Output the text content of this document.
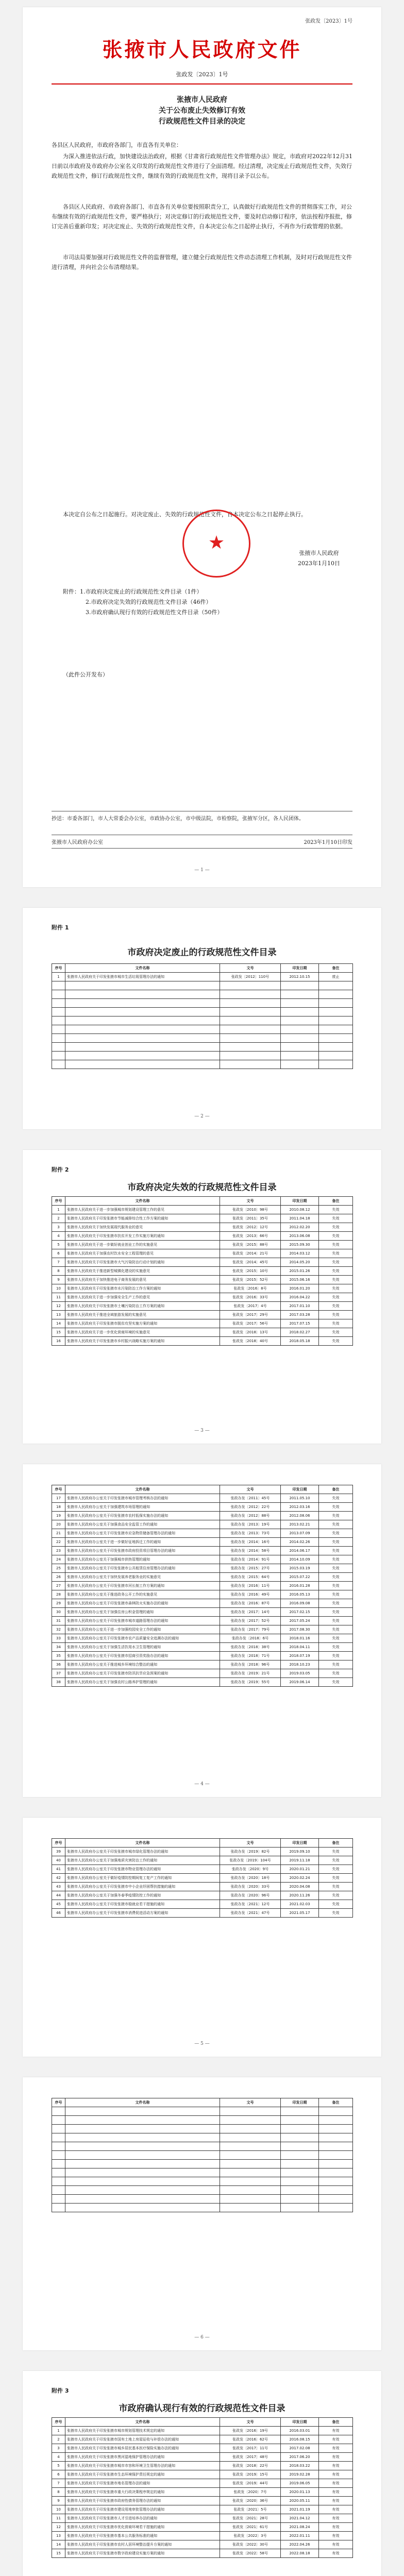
张政发〔2023〕1号
张掖市人民政府文件
张政发〔2023〕1号
张掖市人民政府
关于公布废止失效修订有效
行政规范性文件目录的决定
各县区人民政府，市政府各部门，市直各有关单位：
为深入推进依法行政，加快建设法治政府，根据《甘肃省行政规范性文件管理办法》规定，市政府对2022年12月31日前以市政府及市政府办公室名义印发的行政规范性文件进行了全面清理。经过清理，决定废止行政规范性文件，失效行政规范性文件，修订行政规范性文件，继续有效的行政规范性文件，现将目录予以公布。
各县区人民政府、市政府各部门、市直各有关单位要按照职责分工，认真做好行政规范性文件的贯彻落实工作，对公布继续有效的行政规范性文件，要严格执行；对决定修订的行政规范性文件，要及时启动修订程序，依法按程序报批，修订完善后重新印发；对决定废止、失效的行政规范性文件，自本决定公布之日起停止执行，不再作为行政管理的依据。
市司法局要加强对行政规范性文件的监督管理，建立健全行政规范性文件动态清理工作机制，及时对行政规范性文件进行清理，并向社会公布清理结果。
本决定自公布之日起施行。对决定废止、失效的行政规范性文件，自本决定公布之日起停止执行。
★	张掖市人民政府
2023年1月10日
附件：1.市政府决定废止的行政规范性文件目录（1件）
2.市政府决定失效的行政规范性文件目录（46件）
3.市政府确认现行有效的行政规范性文件目录（50件）
（此件公开发布）
抄送：市委各部门，市人大常委会办公室，市政协办公室，市中级法院，市检察院，张掖军分区，各人民团体。
张掖市人民政府办公室	2023年1月10日印发
— 1 —
附件 1
市政府决定废止的行政规范性文件目录
序号	文件名称	文号	印发日期	备注
1	张掖市人民政府关于印发张掖市城市生活垃圾管理办法的通知	张政发〔2012〕110号	2012.10.15	废止

— 2 —
附件 2
市政府决定失效的行政规范性文件目录
序号	文件名称	文号	印发日期	备注
1	张掖市人民政府关于进一步加强城市规划建设管理工作的意见	张政发〔2010〕98号	2010.08.12	失效
2	张掖市人民政府关于印发张掖市节能减排综合性工作方案的通知	张政发〔2011〕35号	2011.04.18	失效
3	张掖市人民政府关于加快发展现代服务业的意见	张政发〔2012〕12号	2012.02.20	失效
4	张掖市人民政府关于印发张掖市扶贫开发工作实施方案的通知	张政发〔2013〕66号	2013.06.08	失效
5	张掖市人民政府关于进一步做好就业创业工作的实施意见	张政发〔2015〕88号	2015.09.30	失效
6	张掖市人民政府关于加强农村饮水安全工程管理的意见	张政发〔2014〕21号	2014.03.12	失效
7	张掖市人民政府关于印发张掖市大气污染防治行动计划的通知	张政发〔2014〕45号	2014.05.20	失效
8	张掖市人民政府关于推进新型城镇化建设的实施意见	张政发〔2015〕10号	2015.01.26	失效
9	张掖市人民政府关于加快推进电子商务发展的意见	张政发〔2015〕52号	2015.06.16	失效
10	张掖市人民政府关于印发张掖市水污染防治工作方案的通知	张政发〔2016〕8号	2016.01.20	失效
11	张掖市人民政府关于进一步加强安全生产工作的意见	张政发〔2016〕33号	2016.04.22	失效
12	张掖市人民政府关于印发张掖市土壤污染防治工作方案的通知	张政发〔2017〕4号	2017.01.10	失效
13	张掖市人民政府关于推进全域旅游发展的实施意见	张政发〔2017〕29号	2017.03.28	失效
14	张掖市人民政府关于印发张掖市脱贫攻坚实施方案的通知	张政发〔2017〕56号	2017.07.15	失效
15	张掖市人民政府关于进一步优化营商环境的实施意见	张政发〔2018〕13号	2018.02.27	失效
16	张掖市人民政府关于印发张掖市乡村振兴战略实施方案的通知	张政发〔2018〕40号	2018.05.18	失效
— 3 —
序号	文件名称	文号	印发日期	备注
17	张掖市人民政府办公室关于印发张掖市城市管理考核办法的通知	张政办发〔2011〕45号	2011.05.10	失效
18	张掖市人民政府办公室关于加强建筑市场管理的通知	张政办发〔2012〕22号	2012.03.16	失效
19	张掖市人民政府办公室关于印发张掖市农村低保实施办法的通知	张政办发〔2012〕88号	2012.08.06	失效
20	张掖市人民政府办公室关于加强食品安全监管工作的通知	张政办发〔2013〕19号	2013.02.21	失效
21	张掖市人民政府办公室关于印发张掖市应急物资储备管理办法的通知	张政办发〔2013〕73号	2013.07.09	失效
22	张掖市人民政府办公室关于进一步做好征地拆迁工作的通知	张政办发〔2014〕16号	2014.02.26	失效
23	张掖市人民政府办公室关于印发张掖市政府投资项目管理办法的通知	张政办发〔2014〕58号	2014.06.17	失效
24	张掖市人民政府办公室关于加强城市供热管理的通知	张政办发〔2014〕91号	2014.10.09	失效
25	张掖市人民政府办公室关于印发张掖市公共租赁住房管理办法的通知	张政办发〔2015〕27号	2015.03.19	失效
26	张掖市人民政府办公室关于加快发展养老服务业的实施意见	张政办发〔2015〕64号	2015.07.22	失效
27	张掖市人民政府办公室关于印发张掖市河长制工作方案的通知	张政办发〔2016〕11号	2016.01.28	失效
28	张掖市人民政府办公室关于推进政务公开工作的实施意见	张政办发〔2016〕49号	2016.05.13	失效
29	张掖市人民政府办公室关于印发张掖市森林防火实施办法的通知	张政办发〔2016〕87号	2016.09.08	失效
30	张掖市人民政府办公室关于加强住房公积金管理的通知	张政办发〔2017〕14号	2017.02.15	失效
31	张掖市人民政府办公室关于印发张掖市城市道路管理办法的通知	张政办发〔2017〕52号	2017.05.24	失效
32	张掖市人民政府办公室关于进一步加强校园安全工作的通知	张政办发〔2017〕79号	2017.08.30	失效
33	张掖市人民政府办公室关于印发张掖市农产品质量安全追溯办法的通知	张政办发〔2018〕6号	2018.01.16	失效
34	张掖市人民政府办公室关于加强生活饮用水卫生管理的通知	张政办发〔2018〕38号	2018.04.11	失效
35	张掖市人民政府办公室关于印发张掖市招商引资奖励办法的通知	张政办发〔2018〕71号	2018.07.19	失效
36	张掖市人民政府办公室关于推进城乡环境综合整治的通知	张政办发〔2018〕96号	2018.10.23	失效
37	张掖市人民政府办公室关于印发张掖市防汛抗旱应急预案的通知	张政办发〔2019〕21号	2019.03.05	失效
38	张掖市人民政府办公室关于加强农村公路养护管理的通知	张政办发〔2019〕55号	2019.06.14	失效
— 4 —
序号	文件名称	文号	印发日期	备注
39	张掖市人民政府办公室关于印发张掖市城市绿化管理办法的通知	张政办发〔2019〕82号	2019.09.10	失效
40	张掖市人民政府办公室关于加强地质灾害防治工作的通知	张政办发〔2019〕104号	2019.11.18	失效
41	张掖市人民政府办公室关于印发张掖市物业管理办法的通知	张政办发〔2020〕9号	2020.01.21	失效
42	张掖市人民政府办公室关于做好疫情防控期间复工复产工作的通知	张政办发〔2020〕18号	2020.02.24	失效
43	张掖市人民政府办公室关于印发张掖市中小企业纾困帮扶措施的通知	张政办发〔2020〕33号	2020.04.08	失效
44	张掖市人民政府办公室关于加强冬春季疫情防控工作的通知	张政办发〔2020〕96号	2020.11.26	失效
45	张掖市人民政府办公室关于印发张掖市稳就业若干措施的通知	张政办发〔2021〕12号	2021.02.03	失效
46	张掖市人民政府办公室关于印发张掖市消费促进活动方案的通知	张政办发〔2021〕47号	2021.05.17	失效
— 5 —
序号	文件名称	文号	印发日期	备注

— 6 —
附件 3
市政府确认现行有效的行政规范性文件目录
序号	文件名称	文号	印发日期	备注
1	张掖市人民政府关于印发张掖市城市规划管理技术规定的通知	张政发〔2016〕19号	2016.03.01	有效
2	张掖市人民政府关于印发张掖市国有土地上房屋征收与补偿办法的通知	张政发〔2016〕62号	2016.08.15	有效
3	张掖市人民政府关于印发张掖市城乡居民基本医疗保险实施办法的通知	张政发〔2017〕11号	2017.02.08	有效
4	张掖市人民政府关于印发张掖市黑河湿地保护管理办法的通知	张政发〔2017〕48号	2017.06.20	有效
5	张掖市人民政府关于印发张掖市城市市容和环境卫生管理办法的通知	张政发〔2018〕22号	2018.03.22	有效
6	张掖市人民政府关于印发张掖市生态环境保护责任规定的通知	张政发〔2019〕15号	2019.02.28	有效
7	张掖市人民政府关于印发张掖市地名管理办法的通知	张政发〔2019〕44号	2019.06.05	有效
8	张掖市人民政府关于印发张掖市重大行政决策程序规定的通知	张政发〔2020〕7号	2020.01.13	有效
9	张掖市人民政府关于印发张掖市政府性债务管理办法的通知	张政发〔2020〕36号	2020.05.11	有效
10	张掖市人民政府关于印发张掖市建设用地审批管理办法的通知	张政发〔2021〕5号	2021.01.19	有效
11	张掖市人民政府关于印发张掖市人才引进培养办法的通知	张政发〔2021〕28号	2021.04.12	有效
12	张掖市人民政府关于印发张掖市优化营商环境若干措施的通知	张政发〔2021〕61号	2021.08.24	有效
13	张掖市人民政府关于印发张掖市基本公共服务标准的通知	张政发〔2022〕3号	2022.01.11	有效
14	张掖市人民政府关于印发张掖市农村人居环境整治提升方案的通知	张政发〔2022〕30号	2022.04.26	有效
15	张掖市人民政府关于印发张掖市数字政府建设实施方案的通知	张政发〔2022〕58号	2022.08.18	有效
